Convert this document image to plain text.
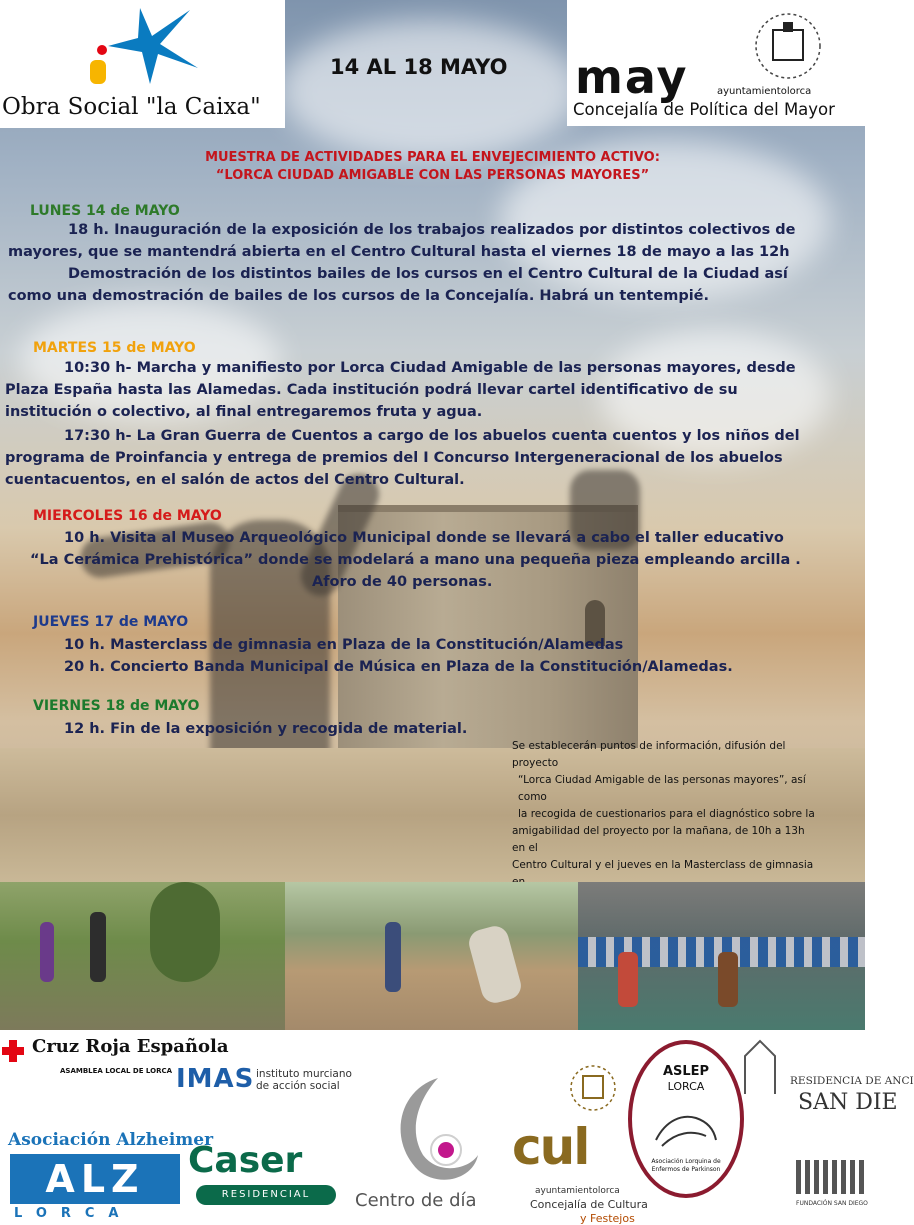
Obra Social "la Caixa"
14 AL 18 MAYO may	ayuntamientolorca
Concejalía de Política del Mayor
MUESTRA DE ACTIVIDADES PARA EL ENVEJECIMIENTO ACTIVO:
“LORCA CIUDAD AMIGABLE CON LAS PERSONAS MAYORES”
LUNES 14 de MAYO
18 h. Inauguración de la exposición de los trabajos realizados por distintos colectivos de
mayores, que se mantendrá abierta en el Centro Cultural hasta el viernes 18 de mayo a las 12h
Demostración de los distintos bailes de los cursos en el Centro Cultural de la Ciudad así
como una demostración de bailes de los cursos de la Concejalía. Habrá un tentempié.
MARTES 15 de MAYO
10:30 h- Marcha y manifiesto por Lorca Ciudad Amigable de las personas mayores, desde
Plaza España hasta las Alamedas. Cada institución podrá llevar cartel identificativo de su
institución o colectivo, al final entregaremos fruta y agua.
17:30 h- La Gran Guerra de Cuentos a cargo de los abuelos cuenta cuentos y los niños del
programa de Proinfancia y entrega de premios del I Concurso Intergeneracional de los abuelos
cuentacuentos, en el salón de actos del Centro Cultural.
MIERCOLES 16 de MAYO
10 h. Visita al Museo Arqueológico Municipal donde se llevará a cabo el taller educativo
“La Cerámica Prehistórica” donde se modelará a mano una pequeña pieza empleando arcilla .
Aforo de 40 personas.
JUEVES 17 de MAYO
10 h. Masterclass de gimnasia en Plaza de la Constitución/Alamedas
20 h. Concierto Banda Municipal de Música en Plaza de la Constitución/Alamedas.
VIERNES 18 de MAYO
12 h. Fin de la exposición y recogida de material.
Se establecerán puntos de información, difusión del proyecto
“Lorca Ciudad Amigable de las personas mayores”, así como
la recogida de cuestionarios para el diagnóstico sobre la
amigabilidad del proyecto por la mañana, de 10h a 13h en el
Centro Cultural y el jueves en la Masterclass de gimnasia
Cruz Roja Española
ASAMBLEA LOCAL DE LORCA IMAS instituto murciano
de acción social
Asociación Alzheimer
ALZ
LORCA
Caser
RESIDENCIAL	Centro de día
cul
ayuntamientolorca
Concejalía de Cultura
y Festejos
ASLEP
LORCA
Asociación Lorquina de
Enfermos de Parkinson
RESIDENCIA DE ANCI
SAN DIE
FUNDACIÓN SAN DIEGO
